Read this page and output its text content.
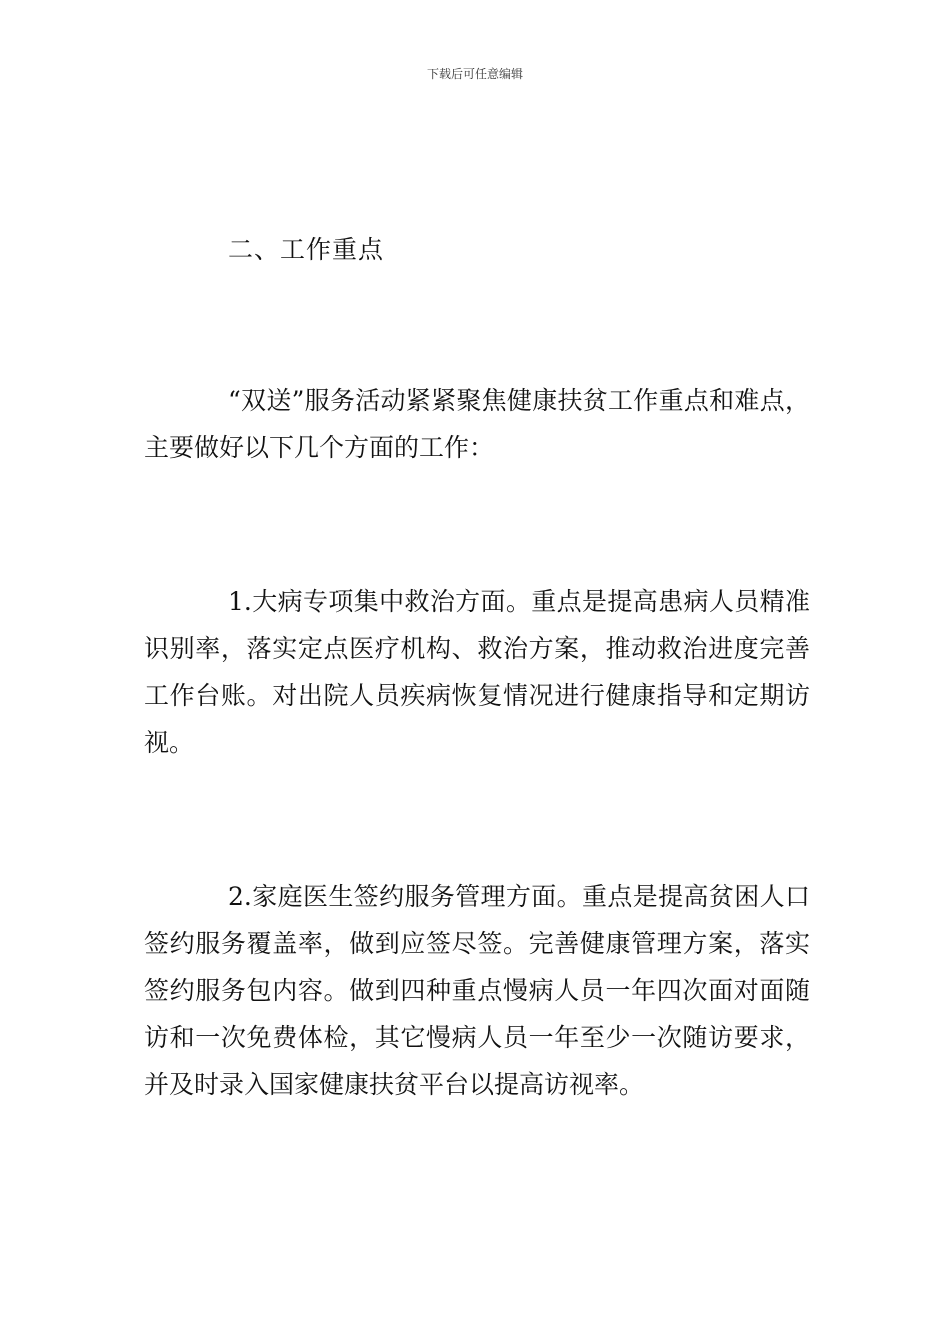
下载后可任意编辑
二、工作重点

“双送”服务活动紧紧聚焦健康扶贫工作重点和难点，主要做好以下几个方面的工作：

1.大病专项集中救治方面。重点是提高患病人员精准识别率，落实定点医疗机构、救治方案，推动救治进度完善工作台账。对出院人员疾病恢复情况进行健康指导和定期访视。

2.家庭医生签约服务管理方面。重点是提高贫困人口签约服务覆盖率，做到应签尽签。完善健康管理方案，落实签约服务包内容。做到四种重点慢病人员一年四次面对面随访和一次免费体检，其它慢病人员一年至少一次随访要求，并及时录入国家健康扶贫平台以提高访视率。
